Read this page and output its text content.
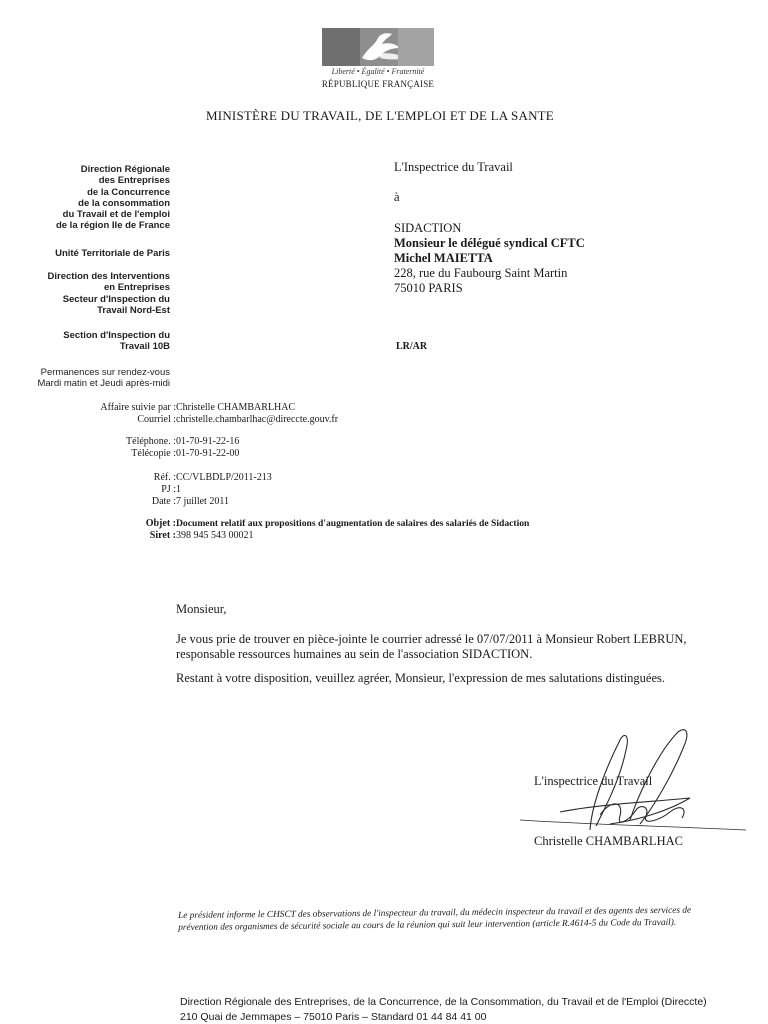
Liberté • Égalité • Fraternité
RÉPUBLIQUE FRANÇAISE
MINISTÈRE DU TRAVAIL, DE L'EMPLOI ET DE LA SANTE
Direction Régionale
des Entreprises
de la Concurrence
de la consommation
du Travail et de l'emploi
de la région Ile de France
Unité Territoriale de Paris
Direction des Interventions
en Entreprises
Secteur d'Inspection du
Travail Nord-Est
Section d'Inspection du
Travail 10B
Permanences sur rendez-vous
Mardi matin et Jeudi après-midi
L'Inspectrice du Travail
à
SIDACTION
Monsieur le délégué syndical CFTC
Michel MAIETTA
228, rue du Faubourg Saint Martin
75010 PARIS
LR/AR
Affaire suivie par : Christelle CHAMBARLHAC
Courriel : christelle.chambarlhac@direccte.gouv.fr
Téléphone. : 01-70-91-22-16
Télécopie : 01-70-91-22-00
Réf. : CC/VLBDLP/2011-213
PJ : 1
Date : 7 juillet 2011
Objet : Document relatif aux propositions d'augmentation de salaires des salariés de Sidaction
Siret : 398 945 543 00021
Monsieur,
Je vous prie de trouver en pièce-jointe le courrier adressé le 07/07/2011 à Monsieur Robert LEBRUN,
responsable ressources humaines au sein de l'association SIDACTION.
Restant à votre disposition, veuillez agréer, Monsieur, l'expression de mes salutations distinguées.
L'inspectrice du Travail
Christelle CHAMBARLHAC
Le président informe le CHSCT des observations de l'inspecteur du travail, du médecin inspecteur du travail et des agents des services de prévention des organismes de sécurité sociale au cours de la réunion qui suit leur intervention (article R.4614-5 du Code du Travail).
Direction Régionale des Entreprises, de la Concurrence, de la Consommation, du Travail et de l'Emploi (Direccte)
210 Quai de Jemmapes – 75010 Paris – Standard 01 44 84 41 00
